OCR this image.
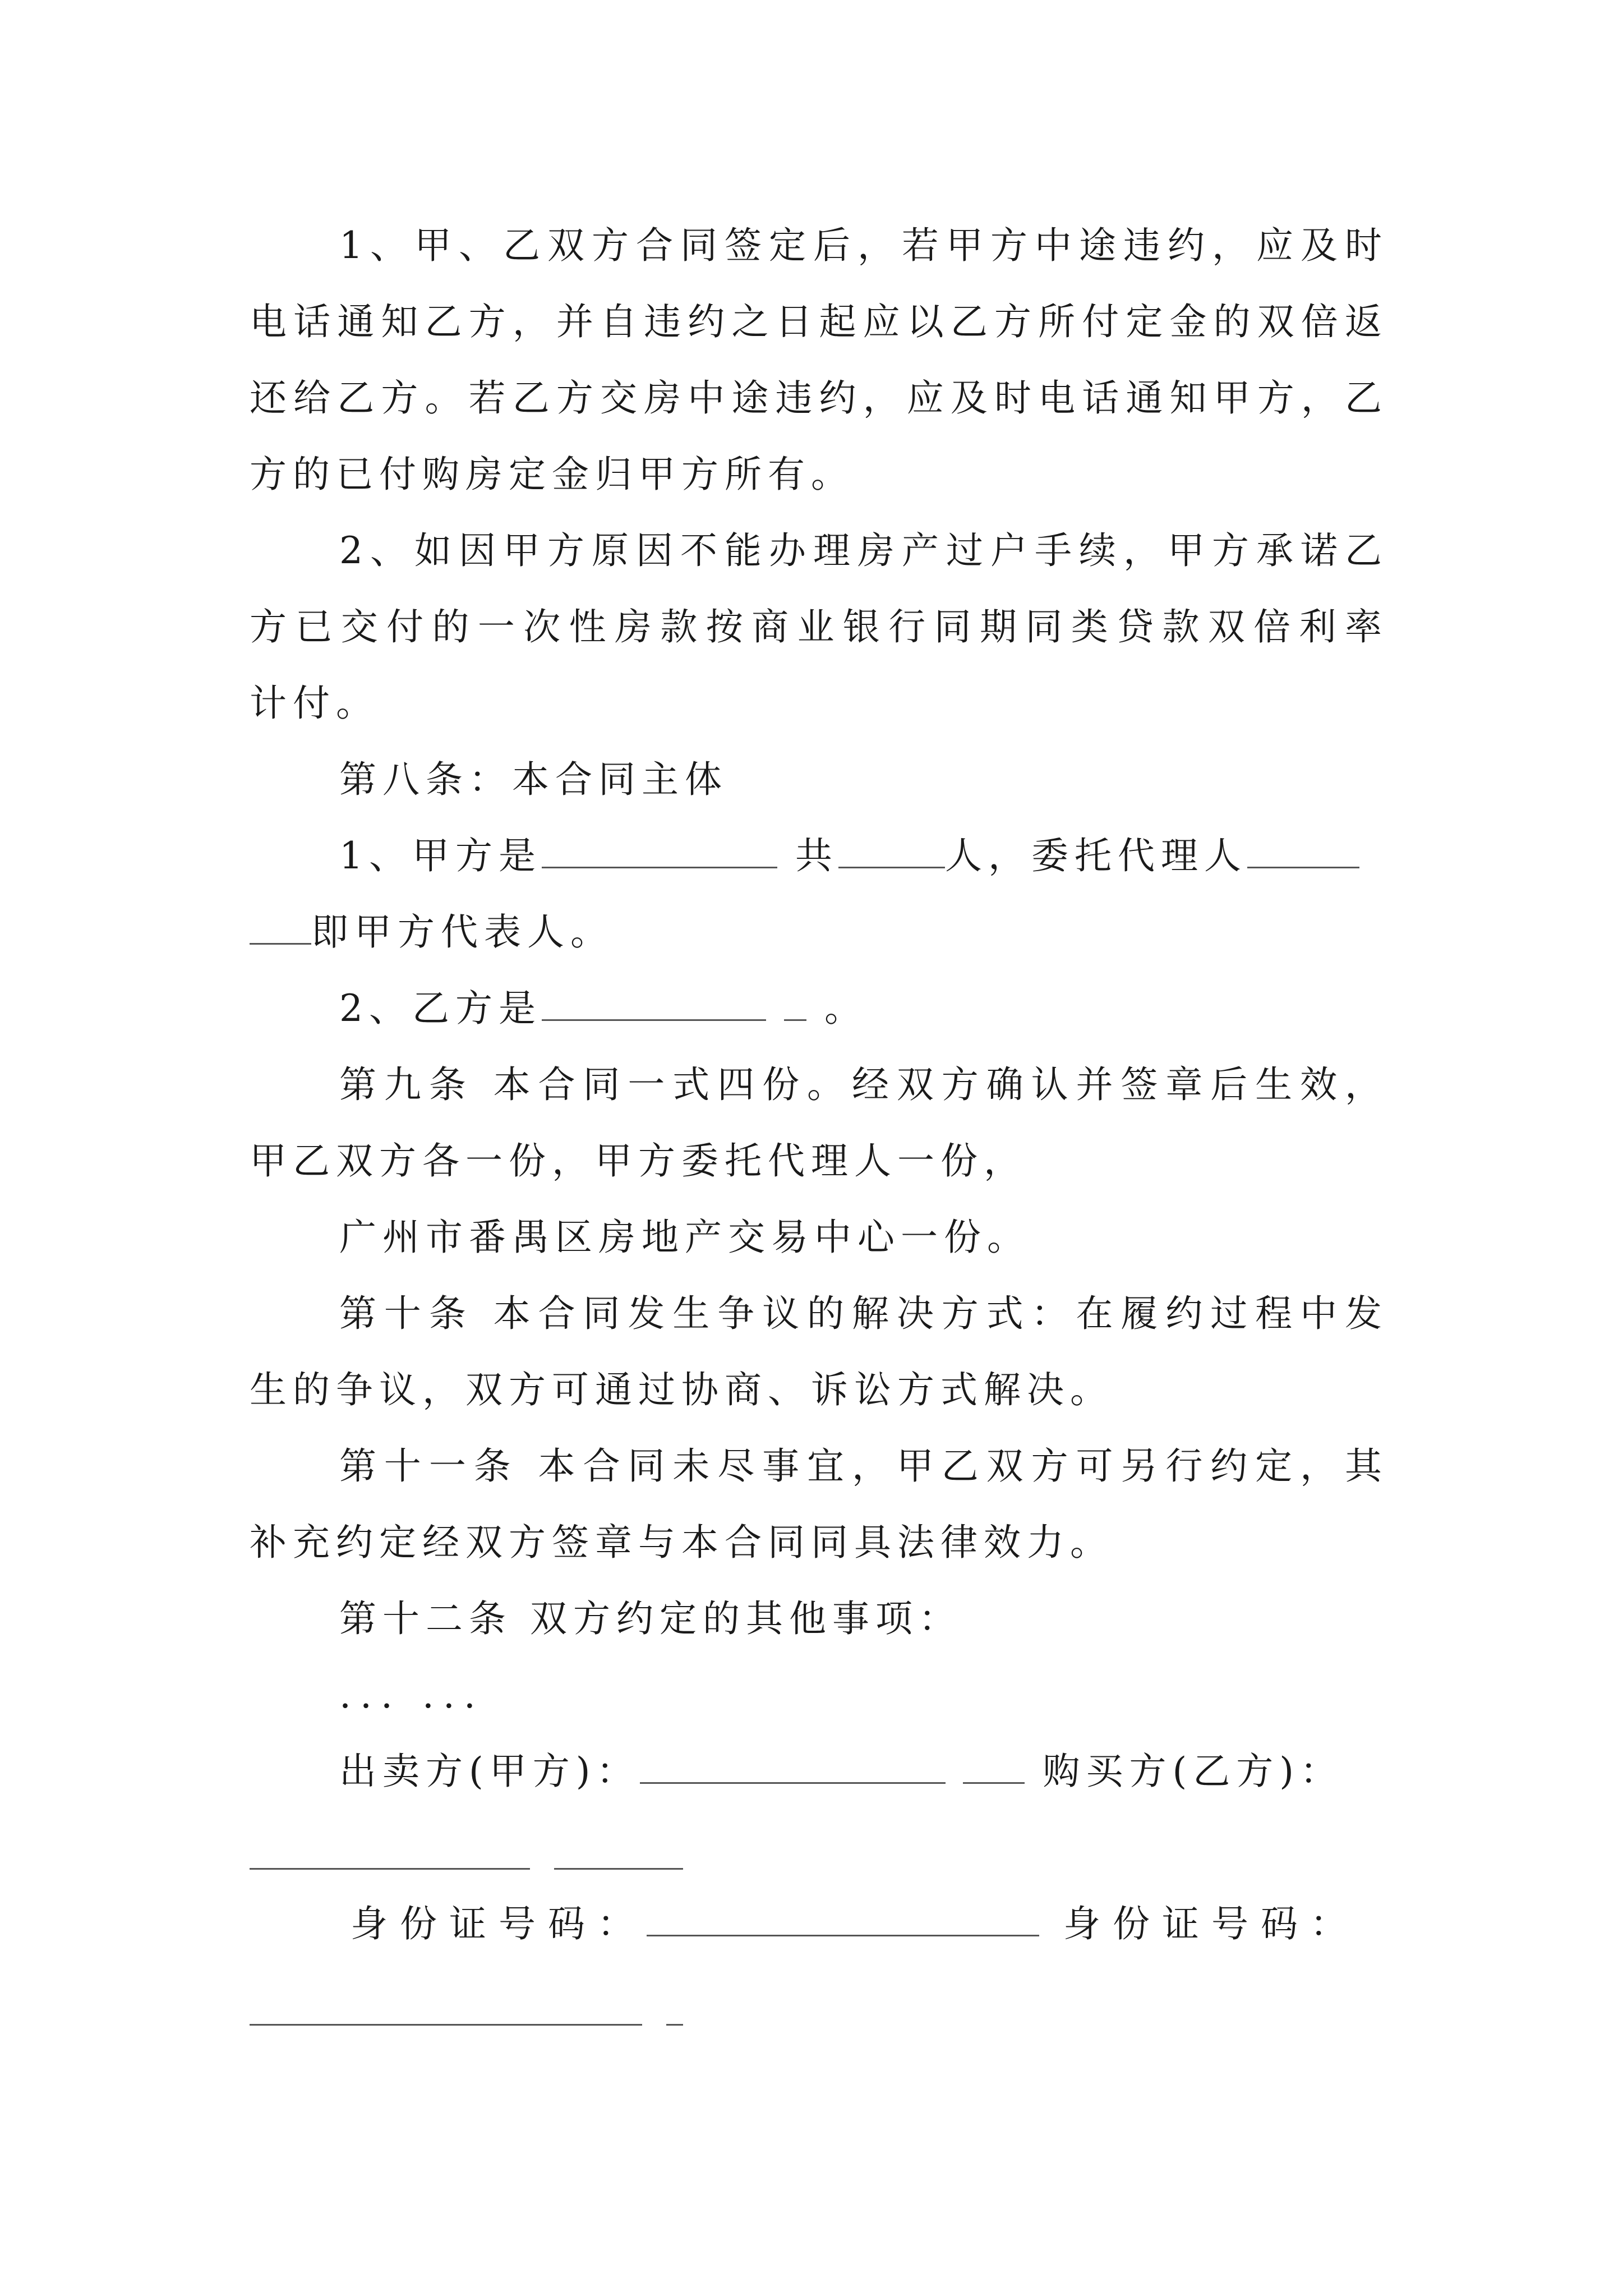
1、甲、乙双方合同签定后，若甲方中途违约，应及时
电话通知乙方，并自违约之日起应以乙方所付定金的双倍返
还给乙方。若乙方交房中途违约，应及时电话通知甲方，乙
方的已付购房定金归甲方所有。
2、如因甲方原因不能办理房产过户手续，甲方承诺乙
方已交付的一次性房款按商业银行同期同类贷款双倍利率
计付。
第八条：本合同主体
1、甲方是	共	人，委托代理人
即甲方代表人。
2、乙方是	。
第九条 本合同一式四份。经双方确认并签章后生效，
甲乙双方各一份，甲方委托代理人一份，
广州市番禺区房地产交易中心一份。
第十条 本合同发生争议的解决方式：在履约过程中发
生的争议，双方可通过协商、诉讼方式解决。
第十一条 本合同未尽事宜，甲乙双方可另行约定，其
补充约定经双方签章与本合同同具法律效力。
第十二条 双方约定的其他事项：
... ...
出卖方(甲方)：	购买方(乙方)：
身份证号码：	身份证号码：
